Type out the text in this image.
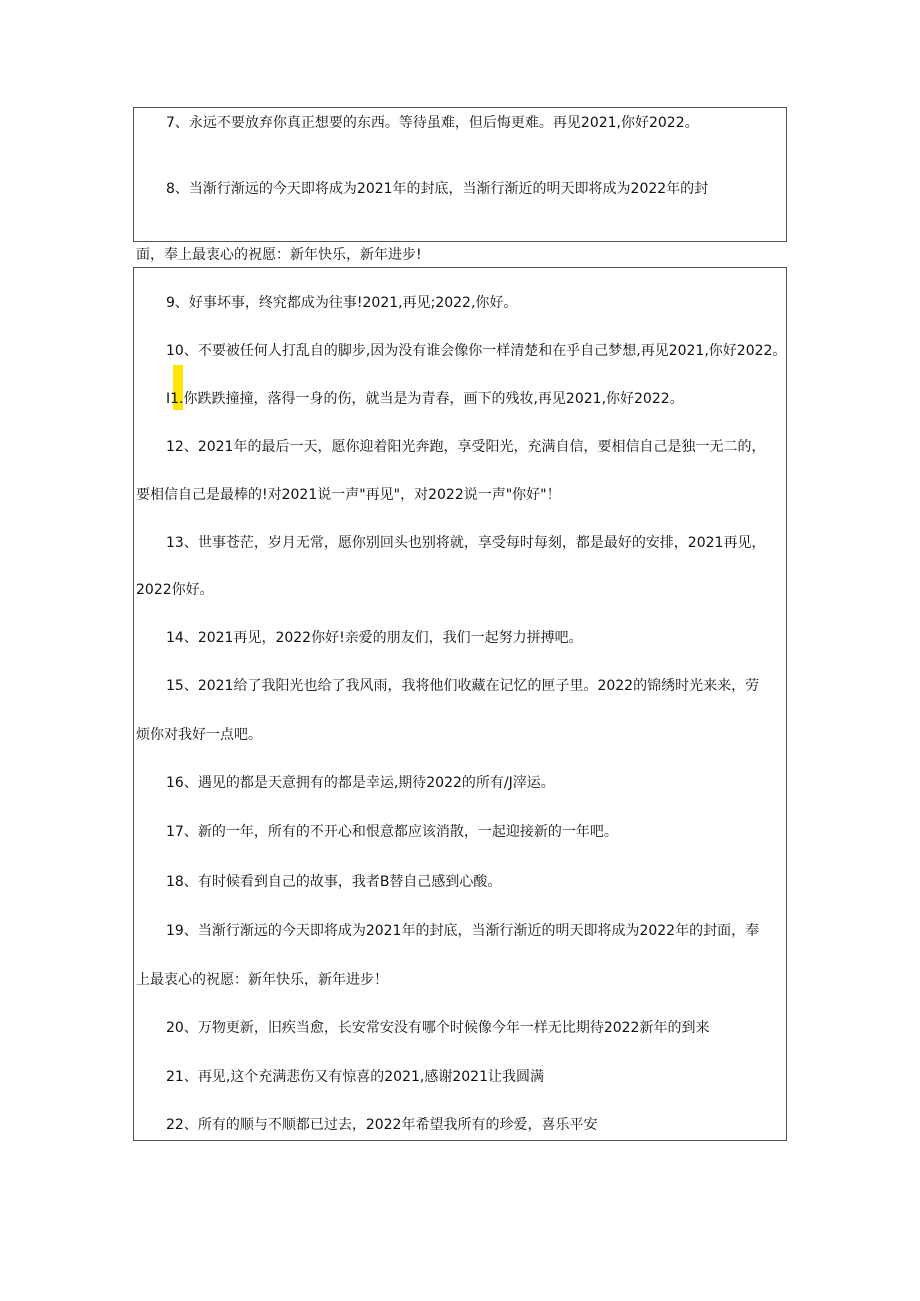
7、永远不要放弃你真正想要的东西。等待虽难，但后悔更难。再见2021,你好2022。
8、当渐行渐远的今天即将成为2021年的封底，当渐行渐近的明天即将成为2022年的封
面，奉上最衷心的祝愿：新年快乐，新年进步!
9、好事坏事，终究都成为往事!2021,再见;2022,你好。
10、不要被任何人打乱自的脚步,因为没有谁会像你一样清楚和在乎自己梦想,再见2021,你好2022。
I1.你跌跌撞撞，落得一身的伤，就当是为青春，画下的残妆,再见2021,你好2022。
12、2021年的最后一天，愿你迎着阳光奔跑，享受阳光，充满自信，要相信自己是独一无二的，
要相信自己是最棒的!对2021说一声"再见"，对2022说一声"你好"！
13、世事苍茫，岁月无常，愿你别回头也别将就，享受每时每刻，都是最好的安排，2021再见，
2022你好。
14、2021再见，2022你好!亲爱的朋友们，我们一起努力拼搏吧。
15、2021给了我阳光也给了我风雨，我将他们收藏在记忆的匣子里。2022的锦绣时光来来，劳
烦你对我好一点吧。
16、遇见的都是天意拥有的都是幸运,期待2022的所有/J滓运。
17、新的一年，所有的不开心和恨意都应该消散，一起迎接新的一年吧。
18、有时候看到自己的故事，我者B替自己感到心酸。
19、当渐行渐远的今天即将成为2021年的封底，当渐行渐近的明天即将成为2022年的封面，奉
上最衷心的祝愿：新年快乐，新年进步！
20、万物更新，旧疾当愈，长安常安没有哪个时候像今年一样无比期待2022新年的到来
21、再见,这个充满悲伤又有惊喜的2021,感谢2021让我圆满
22、所有的顺与不顺都已过去，2022年希望我所有的珍爱，喜乐平安
